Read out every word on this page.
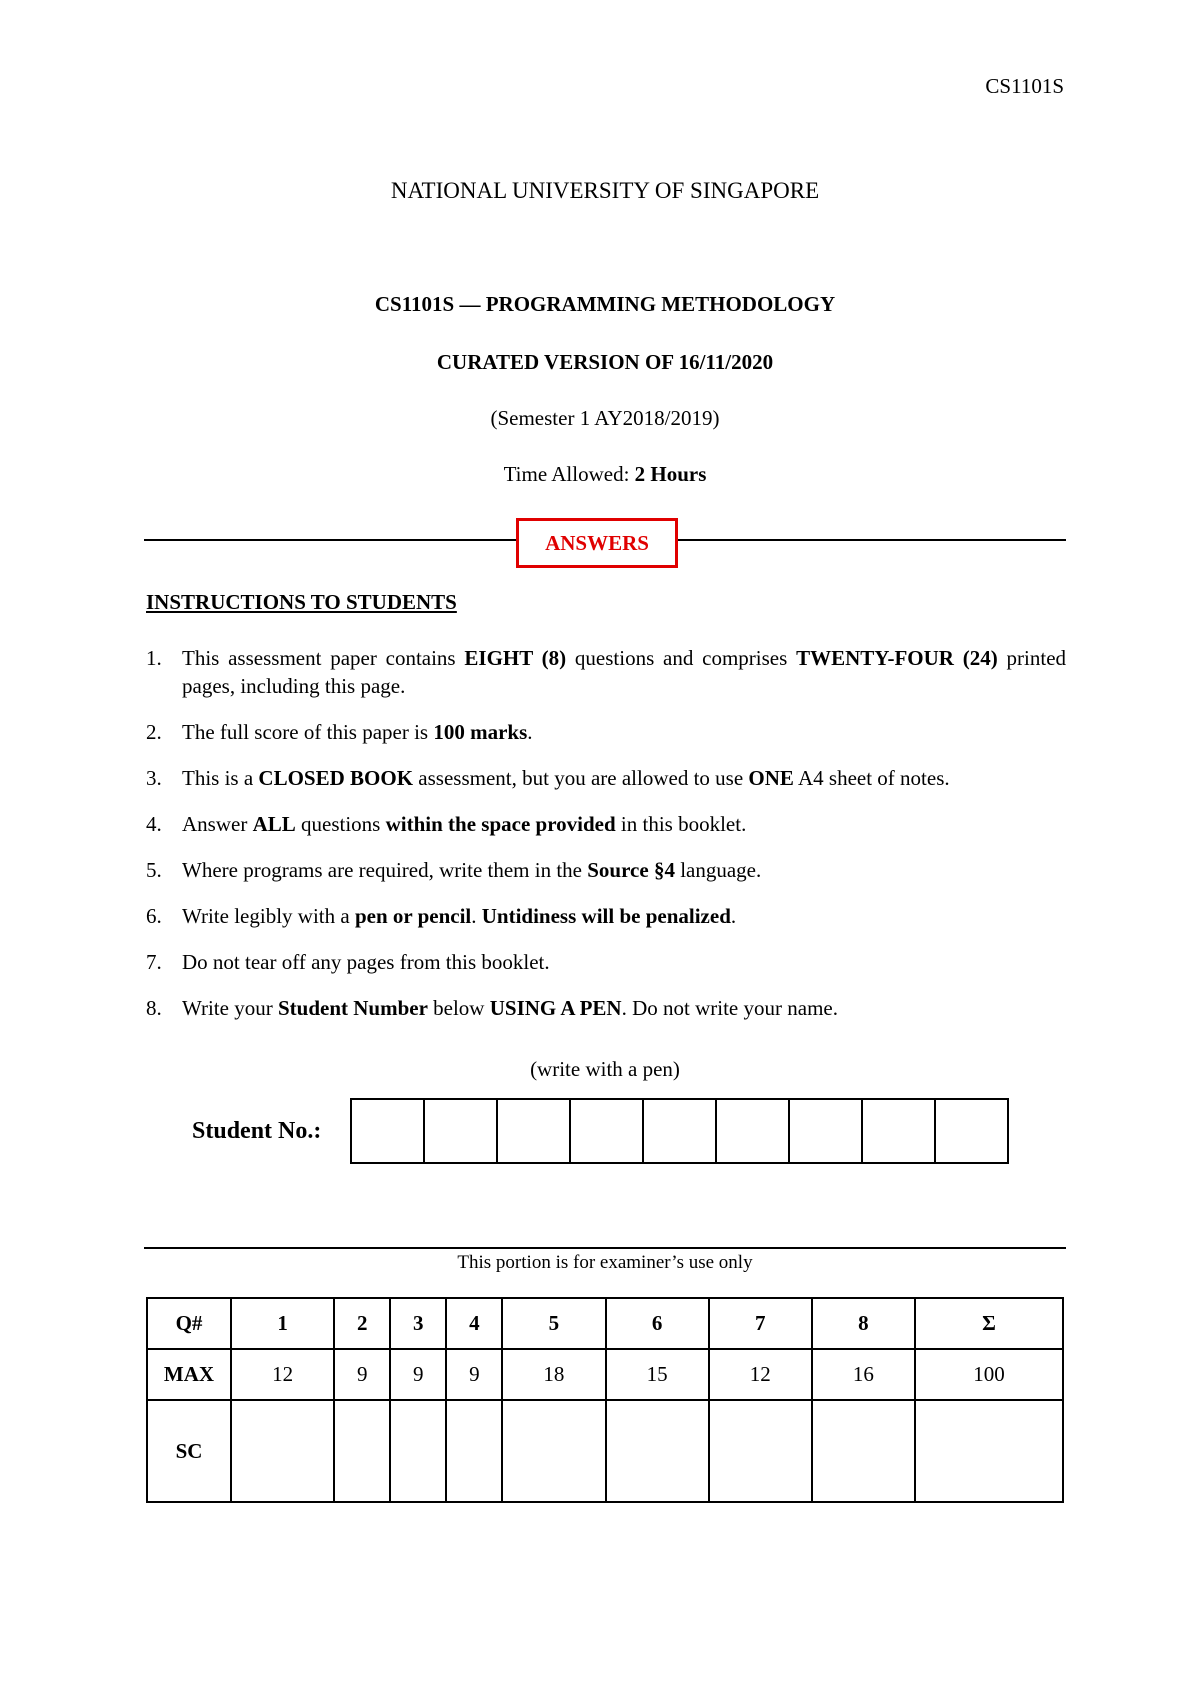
CS1101S
NATIONAL UNIVERSITY OF SINGAPORE
CS1101S — PROGRAMMING METHODOLOGY
CURATED VERSION OF 16/11/2020
(Semester 1 AY2018/2019)
Time Allowed: 2 Hours
ANSWERS
INSTRUCTIONS TO STUDENTS
1. This assessment paper contains EIGHT (8) questions and comprises TWENTY-FOUR (24) printed pages, including this page.
2. The full score of this paper is 100 marks.
3. This is a CLOSED BOOK assessment, but you are allowed to use ONE A4 sheet of notes.
4. Answer ALL questions within the space provided in this booklet.
5. Where programs are required, write them in the Source §4 language.
6. Write legibly with a pen or pencil. Untidiness will be penalized.
7. Do not tear off any pages from this booklet.
8. Write your Student Number below USING A PEN. Do not write your name.
(write with a pen)
Student No.:
This portion is for examiner’s use only
Q#	1	2	3	4	5	6	7	8	Σ
MAX	12	9	9	9	18	15	12	16	100
SC									
